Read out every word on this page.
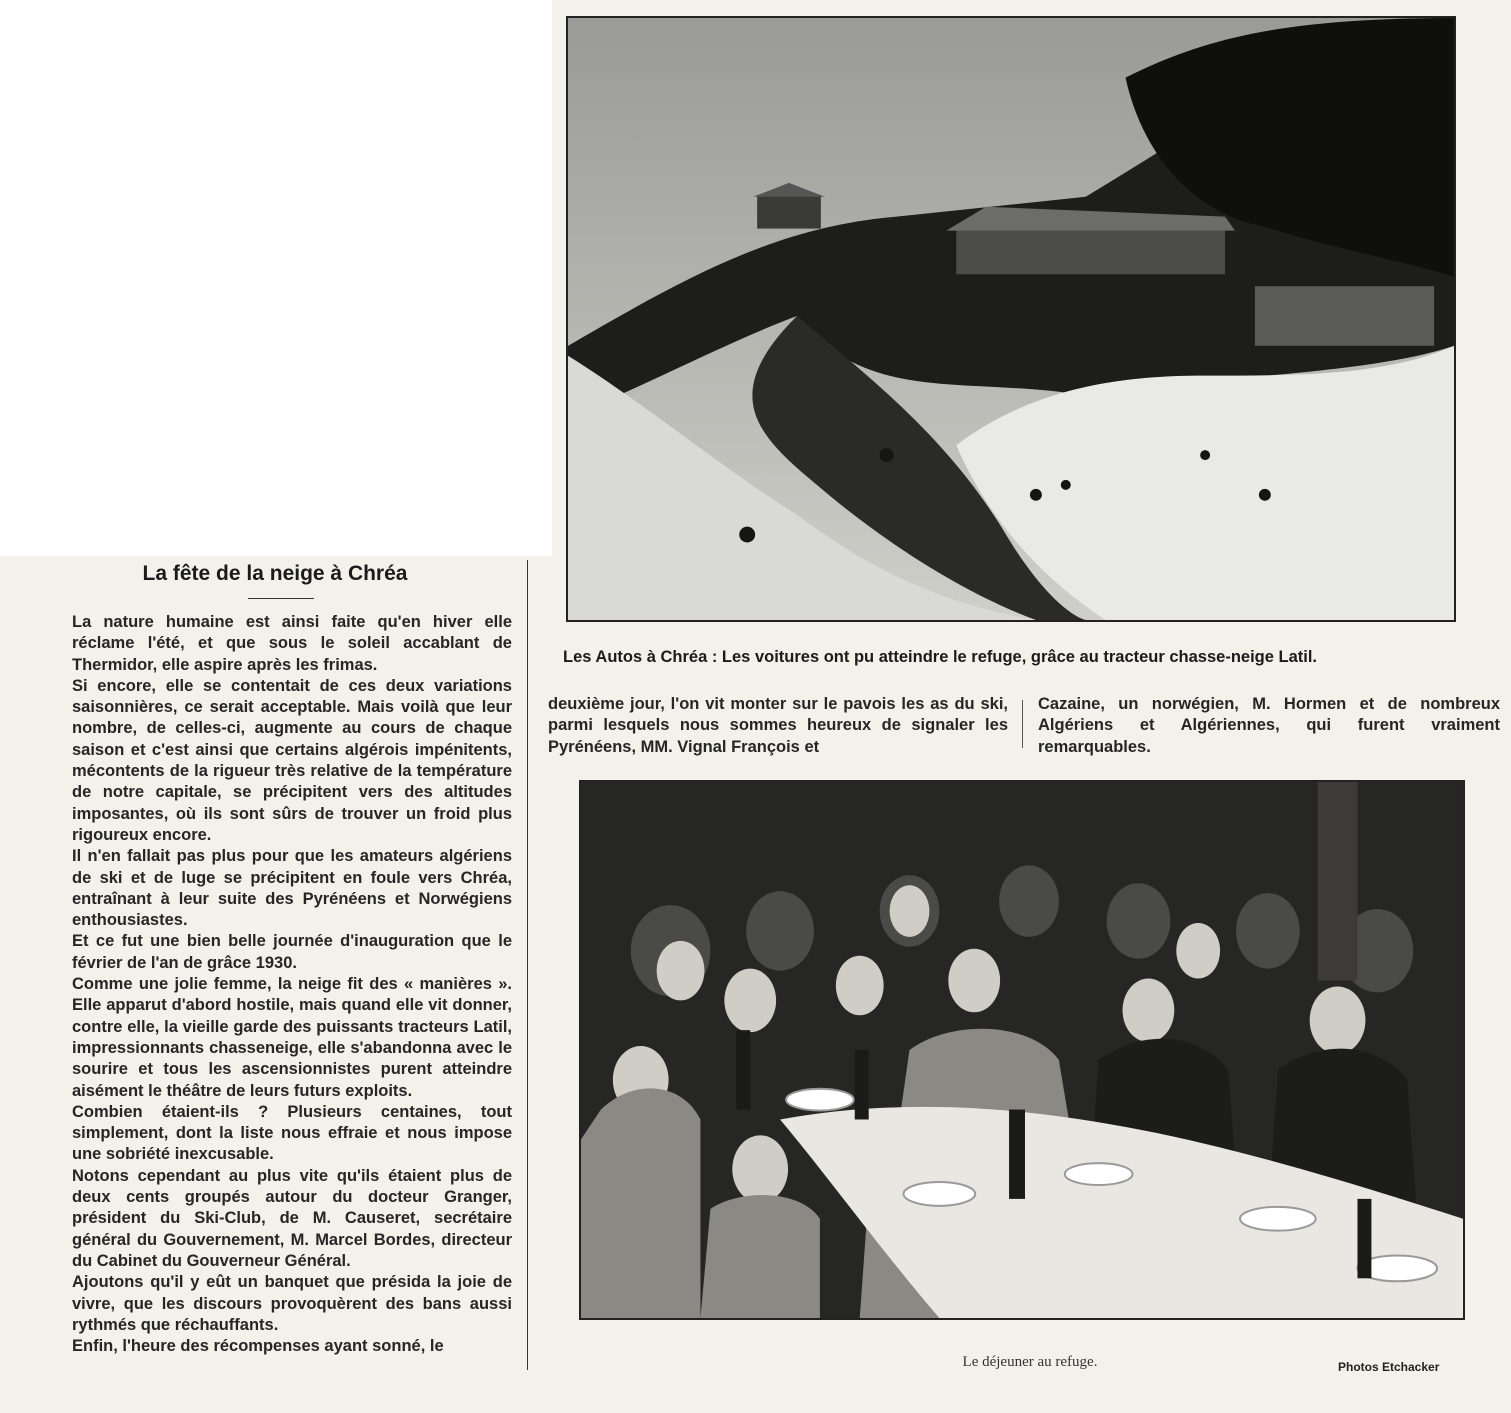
Les Autos à Chréa : Les voitures ont pu atteindre le refuge, grâce au tracteur chasse-neige Latil.
La fête de la neige à Chréa

La nature humaine est ainsi faite qu'en hiver elle réclame l'été, et que sous le soleil accablant de Thermidor, elle aspire après les frimas.

Si encore, elle se contentait de ces deux variations saisonnières, ce serait acceptable. Mais voilà que leur nombre, de celles-ci, augmente au cours de chaque saison et c'est ainsi que certains algérois impénitents, mécontents de la rigueur très relative de la température de notre capitale, se précipitent vers des altitudes imposantes, où ils sont sûrs de trouver un froid plus rigoureux encore.

Il n'en fallait pas plus pour que les amateurs algériens de ski et de luge se précipitent en foule vers Chréa, entraînant à leur suite des Pyrénéens et Norwégiens enthousiastes.

Et ce fut une bien belle journée d'inauguration que le février de l'an de grâce 1930.

Comme une jolie femme, la neige fit des « manières ». Elle apparut d'abord hostile, mais quand elle vit donner, contre elle, la vieille garde des puissants tracteurs Latil, impressionnants chasseneige, elle s'abandonna avec le sourire et tous les ascensionnistes purent atteindre aisément le théâtre de leurs futurs exploits.

Combien étaient-ils ? Plusieurs centaines, tout simplement, dont la liste nous effraie et nous impose une sobriété inexcusable.

Notons cependant au plus vite qu'ils étaient plus de deux cents groupés autour du docteur Granger, président du Ski-Club, de M. Causeret, secrétaire général du Gouvernement, M. Marcel Bordes, directeur du Cabinet du Gouverneur Général.

Ajoutons qu'il y eût un banquet que présida la joie de vivre, que les discours provoquèrent des bans aussi rythmés que réchauffants.

Enfin, l'heure des récompenses ayant sonné, le

deuxième jour, l'on vit monter sur le pavois les as du ski, parmi lesquels nous sommes heureux de signaler les Pyrénéens, MM. Vignal François et
Cazaine, un norwégien, M. Hormen et de nombreux Algériens et Algériennes, qui furent vraiment remarquables.
Le déjeuner au refuge.	Photos Etchacker
